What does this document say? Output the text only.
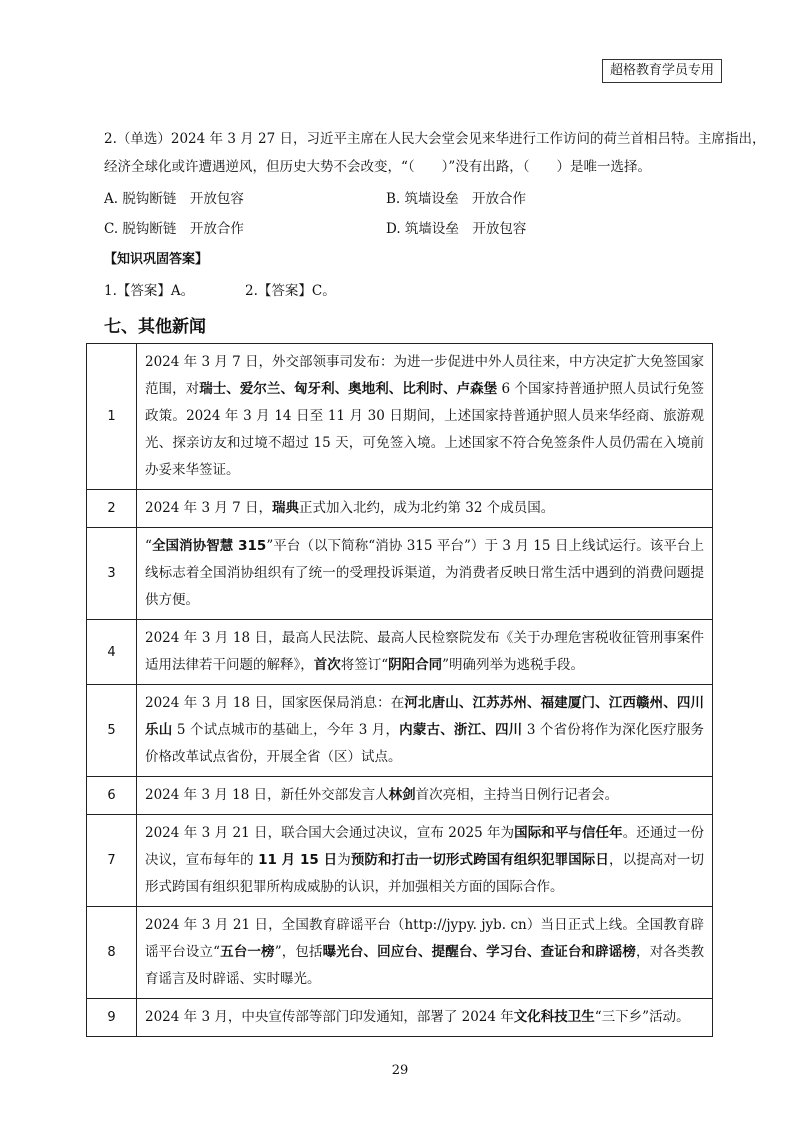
超格教育学员专用
2.（单选）2024 年 3 月 27 日，习近平主席在人民大会堂会见来华进行工作访问的荷兰首相吕特。主席指出，
经济全球化或许遭遇逆风，但历史大势不会改变，“（　　）”没有出路，（　　）是唯一选择。
A. 脱钩断链　开放包容	B. 筑墙设垒　开放合作
C. 脱钩断链　开放合作	D. 筑墙设垒　开放包容
【知识巩固答案】
1.【答案】A。	2.【答案】C。
七、其他新闻
1	2024 年 3 月 7 日，外交部领事司发布：为进一步促进中外人员往来，中方决定扩大免签国家范围，对瑞士、爱尔兰、匈牙利、奥地利、比利时、卢森堡 6 个国家持普通护照人员试行免签政策。2024 年 3 月 14 日至 11 月 30 日期间，上述国家持普通护照人员来华经商、旅游观光、探亲访友和过境不超过 15 天，可免签入境。上述国家不符合免签条件人员仍需在入境前办妥来华签证。
2	2024 年 3 月 7 日，瑞典正式加入北约，成为北约第 32 个成员国。
3	“全国消协智慧 315”平台（以下简称“消协 315 平台”）于 3 月 15 日上线试运行。该平台上线标志着全国消协组织有了统一的受理投诉渠道，为消费者反映日常生活中遇到的消费问题提供方便。
4	2024 年 3 月 18 日，最高人民法院、最高人民检察院发布《关于办理危害税收征管刑事案件适用法律若干问题的解释》，首次将签订“阴阳合同”明确列举为逃税手段。
5	2024 年 3 月 18 日，国家医保局消息：在河北唐山、江苏苏州、福建厦门、江西赣州、四川乐山 5 个试点城市的基础上，今年 3 月，内蒙古、浙江、四川 3 个省份将作为深化医疗服务价格改革试点省份，开展全省（区）试点。
6	2024 年 3 月 18 日，新任外交部发言人林剑首次亮相，主持当日例行记者会。
7	2024 年 3 月 21 日，联合国大会通过决议，宣布 2025 年为国际和平与信任年。还通过一份决议，宣布每年的 11 月 15 日为预防和打击一切形式跨国有组织犯罪国际日，以提高对一切形式跨国有组织犯罪所构成威胁的认识，并加强相关方面的国际合作。
8	2024 年 3 月 21 日，全国教育辟谣平台（http://jypy. jyb. cn）当日正式上线。全国教育辟谣平台设立“五台一榜”，包括曝光台、回应台、提醒台、学习台、查证台和辟谣榜，对各类教育谣言及时辟谣、实时曝光。
9	2024 年 3 月，中央宣传部等部门印发通知，部署了 2024 年文化科技卫生“三下乡”活动。
29
